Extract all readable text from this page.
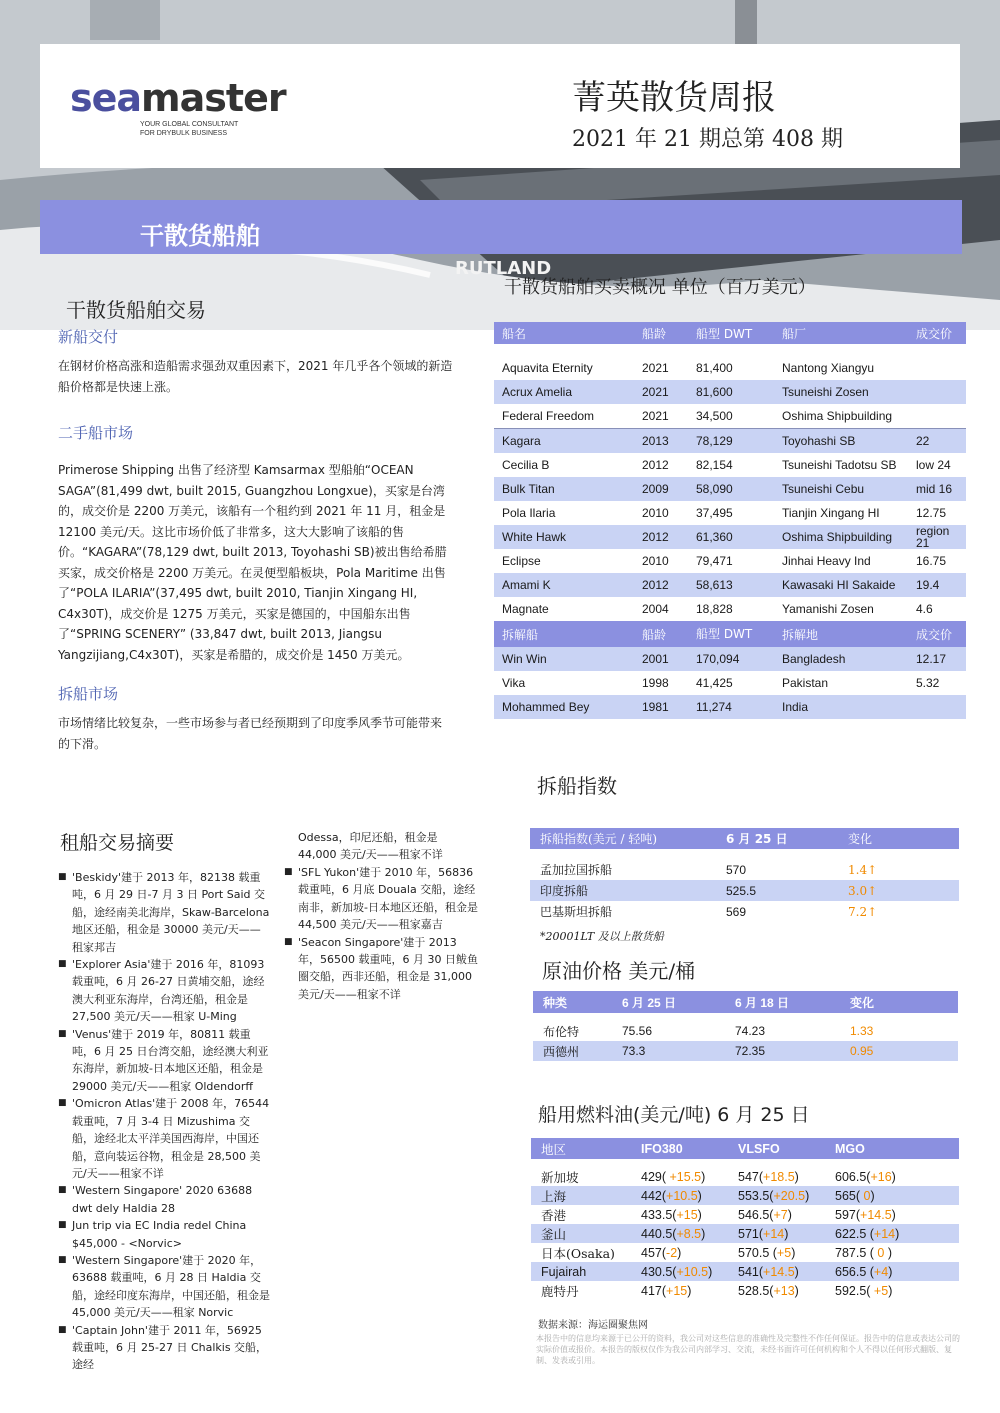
RUTLAND
seamaster
YOUR GLOBAL CONSULTANT
FOR DRYBULK BUSINESS
菁英散货周报
2021 年 21 期总第 408 期
干散货船舶
干散货船舶交易
新船交付
在钢材价格高涨和造船需求强劲双重因素下，2021 年几乎各个领域的新造船价格都是快速上涨。
二手船市场
Primerose Shipping 出售了经济型 Kamsarmax 型船舶“OCEAN SAGA”(81,499 dwt, built 2015, Guangzhou Longxue)，买家是台湾的，成交价是 2200 万美元，该船有一个租约到 2021 年 11 月，租金是 12100 美元/天。这比市场价低了非常多，这大大影响了该船的售价。“KAGARA”(78,129 dwt, built 2013, Toyohashi SB)被出售给希腊买家，成交价格是 2200 万美元。在灵便型船板块，Pola Maritime 出售了“POLA ILARIA”(37,495 dwt, built 2010, Tianjin Xingang HI, C4x30T)，成交价是 1275 万美元，买家是德国的，中国船东出售了“SPRING SCENERY” (33,847 dwt, built 2013, Jiangsu Yangzijiang,C4x30T)，买家是希腊的，成交价是 1450 万美元。
拆船市场
市场情绪比较复杂，一些市场参与者已经预期到了印度季风季节可能带来的下滑。
干散货船舶买卖概况 单位（百万美元）
船名	船龄	船型 DWT	船厂	成交价

Aquavita Eternity	2021	81,400	Nantong Xiangyu	
Acrux Amelia	2021	81,600	Tsuneishi Zosen	
Federal Freedom	2021	34,500	Oshima Shipbuilding	
Kagara	2013	78,129	Toyohashi SB	22
Cecilia B	2012	82,154	Tsuneishi Tadotsu SB	low 24
Bulk Titan	2009	58,090	Tsuneishi Cebu	mid 16
Pola Ilaria	2010	37,495	Tianjin Xingang HI	12.75
White Hawk	2012	61,360	Oshima Shipbuilding	region 21
Eclipse	2010	79,471	Jinhai Heavy Ind	16.75
Amami K	2012	58,613	Kawasaki HI Sakaide	19.4
Magnate	2004	18,828	Yamanishi Zosen	4.6
拆解船	船龄	船型 DWT	拆解地	成交价
Win Win	2001	170,094	Bangladesh	12.17
Vika	1998	41,425	Pakistan	5.32
Mohammed Bey	1981	11,274	India	
租船交易摘要
■ 'Beskidy'建于 2013 年，82138 载重吨，6 月 29 日-7 月 3 日 Port Said 交船，途经南美北海岸，Skaw-Barcelona 地区还船，租金是 30000 美元/天——租家邦吉
■ 'Explorer Asia'建于 2016 年，81093 载重吨，6 月 26-27 日黄埔交船，途经澳大利亚东海岸，台湾还船，租金是 27,500 美元/天——租家 U-Ming
■ 'Venus'建于 2019 年，80811 载重吨，6 月 25 日台湾交船，途经澳大利亚东海岸，新加坡-日本地区还船，租金是 29000 美元/天——租家 Oldendorff
■ 'Omicron Atlas'建于 2008 年，76544 载重吨，7 月 3-4 日 Mizushima 交船，途经北太平洋美国西海岸，中国还船，意向装运谷物，租金是 28,500 美元/天——租家不详
■ 'Western Singapore' 2020 63688 dwt dely Haldia 28
■ Jun trip via EC India redel China $45,000 - <Norvic>
■ 'Western Singapore'建于 2020 年，63688 载重吨，6 月 28 日 Haldia 交船，途经印度东海岸，中国还船，租金是 45,000 美元/天——租家 Norvic
■ 'Captain John'建于 2011 年，56925 载重吨，6 月 25-27 日 Chalkis 交船，途经
Odessa，印尼还船，租金是 44,000 美元/天——租家不详
■ 'SFL Yukon'建于 2010 年，56836 载重吨，6 月底 Douala 交船，途经南非，新加坡-日本地区还船，租金是 44,500 美元/天——租家嘉吉
■ 'Seacon Singapore'建于 2013 年，56500 载重吨，6 月 30 日鲅鱼圈交船，西非还船，租金是 31,000 美元/天——租家不详
拆船指数
拆船指数(美元 / 轻吨)	6 月 25 日	变化

孟加拉国拆船	570	1.4↑
印度拆船	525.5	3.0↑
巴基斯坦拆船	569	7.2↑
*20001LT 及以上散货船
原油价格 美元/桶
种类	6 月 25 日	6 月 18 日	变化

布伦特	75.56	74.23	1.33
西德州	73.3	72.35	0.95
船用燃料油(美元/吨) 6 月 25 日
地区	IFO380	VLSFO	MGO

新加坡	429( +15.5)	547(+18.5)	606.5(+16)
上海	442(+10.5)	553.5(+20.5)	565( 0)
香港	433.5(+15)	546.5(+7)	597(+14.5)
釜山	440.5(+8.5)	571(+14)	622.5 (+14)
日本(Osaka)	457(-2)	570.5 (+5)	787.5 ( 0 )
Fujairah	430.5(+10.5)	541(+14.5)	656.5 (+4)
鹿特丹	417(+15)	528.5(+13)	592.5( +5)
数据来源：海运圈聚焦网
本报告中的信息均来源于已公开的资料，我公司对这些信息的准确性及完整性不作任何保证。报告中的信息或表达公司的实际价值或报价。本报告的版权仅作为我公司内部学习、交流，未经书面许可任何机构和个人不得以任何形式翻版、复制、发表或引用。
